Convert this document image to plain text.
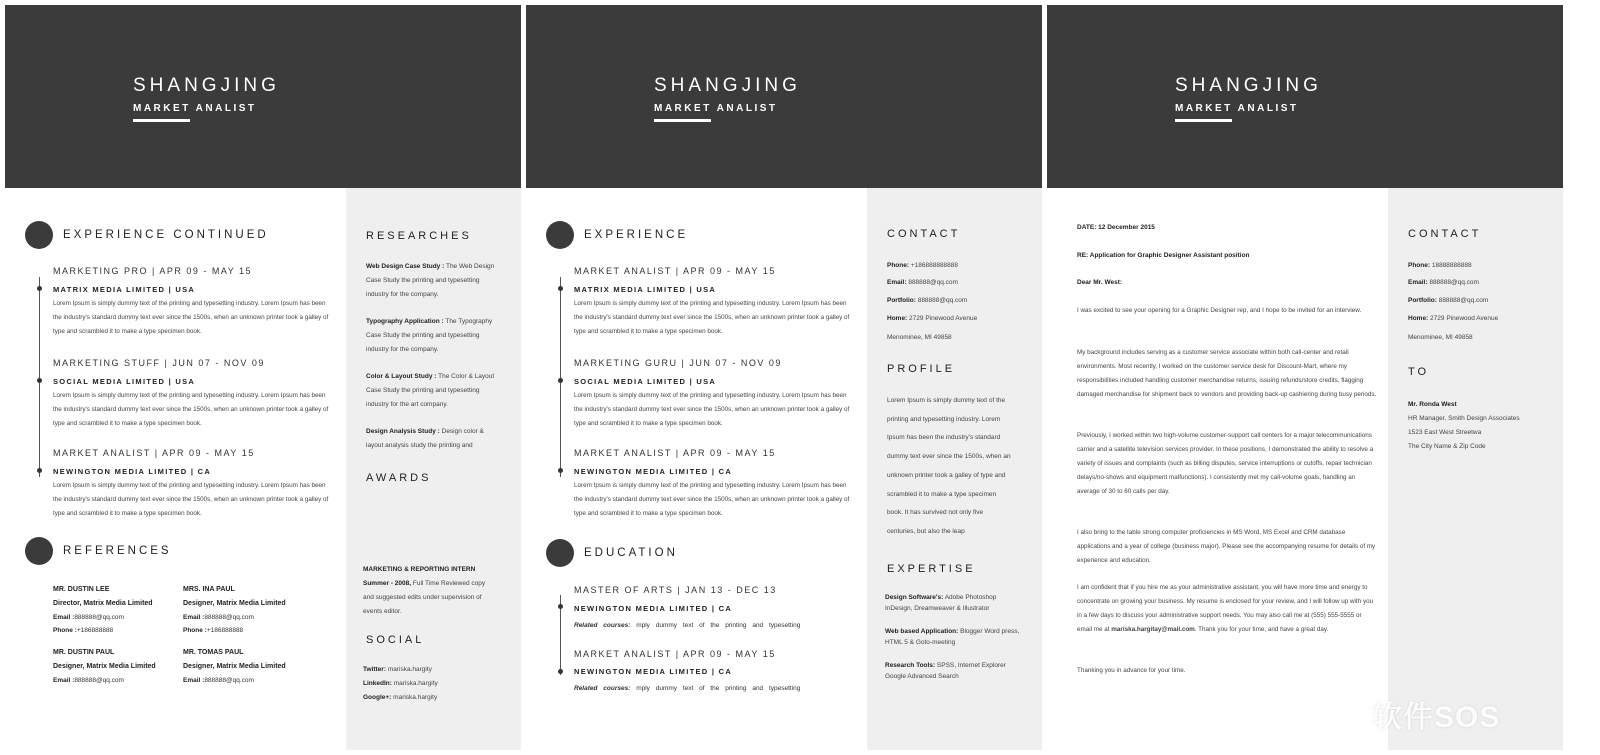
SHANGJING
MARKET ANALIST
EXPERIENCE CONTINUED
MARKETING PRO | APR 09 - MAY 15
MATRIX MEDIA LIMITED | USA
Lorem Ipsum is simply dummy text of the printing and typesetting industry. Lorem Ipsum has been the industry's standard dummy text ever since the 1500s, when an unknown printer took a galley of type and scrambled it to make a type specimen book.
MARKETING STUFF | JUN 07 - NOV 09
SOCIAL MEDIA LIMITED | USA
Lorem Ipsum is simply dummy text of the printing and typesetting industry. Lorem Ipsum has been the industry's standard dummy text ever since the 1500s, when an unknown printer took a galley of type and scrambled it to make a type specimen book.
MARKET ANALIST | APR 09 - MAY 15
NEWINGTON MEDIA LIMITED | CA
Lorem Ipsum is simply dummy text of the printing and typesetting industry. Lorem Ipsum has been the industry's standard dummy text ever since the 1500s, when an unknown printer took a galley of type and scrambled it to make a type specimen book.
REFERENCES
MR. DUSTIN LEE
Director, Matrix Media Limited
Email :888888@qq.com
Phone :+186888888
MRS. INA PAUL
Designer, Matrix Media Limited
Email :888888@qq.com
Phone :+186888888
MR. DUSTIN PAUL
Designer, Matrix Media Limited
Email :888888@qq.com
MR. TOMAS PAUL
Designer, Matrix Media Limited
Email :888888@qq.com
RESEARCHES
Web Design Case Study : The Web Design Case Study the printing and typesetting industry for the company.
Typography Application : The Typography Case Study the printing and typesetting industry for the company.
Color & Layout Study : The Color & Layout Case Study the printing and typesetting industry for the art company.
Design Analysis Study : Design color & layout analysis study the printing and
AWARDS
MARKETING & REPORTING INTERN Summer - 2008, Full Time Reviewed copy and suggested edits under supervision of events editor.
SOCIAL
Twitter: mariska.hargity
LinkedIn: mariska.hargity
Google+: mariska.hargity
SHANGJING
MARKET ANALIST
EXPERIENCE
MARKET ANALIST | APR 09 - MAY 15
MATRIX MEDIA LIMITED | USA
Lorem Ipsum is simply dummy text of the printing and typesetting industry. Lorem Ipsum has been the industry's standard dummy text ever since the 1500s, when an unknown printer took a galley of type and scrambled it to make a type specimen book.
MARKETING GURU | JUN 07 - NOV 09
SOCIAL MEDIA LIMITED | USA
Lorem Ipsum is simply dummy text of the printing and typesetting industry. Lorem Ipsum has been the industry's standard dummy text ever since the 1500s, when an unknown printer took a galley of type and scrambled it to make a type specimen book.
MARKET ANALIST | APR 09 - MAY 15
NEWINGTON MEDIA LIMITED | CA
Lorem Ipsum is simply dummy text of the printing and typesetting industry. Lorem Ipsum has been the industry's standard dummy text ever since the 1500s, when an unknown printer took a galley of type and scrambled it to make a type specimen book.
EDUCATION
MASTER OF ARTS | JAN 13 - DEC 13
NEWINGTON MEDIA LIMITED | CA
Related courses: mply dummy text of the printing and typesetting
MARKET ANALIST | APR 09 - MAY 15
NEWINGTON MEDIA LIMITED | CA
Related courses: mply dummy text of the printing and typesetting
CONTACT
Phone: +186888888888
Email: 888888@qq.com
Portfolio: 888888@qq.com
Home: 2729 Pinewood Avenue
Menominee, MI 49858
PROFILE
Lorem Ipsum is simply dummy text of the printing and typesetting industry. Lorem Ipsum has been the industry's standard dummy text ever since the 1500s, when an unknown printer took a galley of type and scrambled it to make a type specimen book. It has survived not only five centuries, but also the leap
EXPERTISE
Design Software's: Adobe Photoshop InDesign, Dreamweaver & Illustrator
Web based Application: Blogger Word press, HTML 5 & Goto-meeting
Research Tools: SPSS, Internet Explorer Google Advanced Search
SHANGJING
MARKET ANALIST
DATE: 12 December 2015
RE: Application for Graphic Designer Assistant position
Dear Mr. West:
I was excited to see your opening for a Graphic Designer rep, and I hope to be invited for an interview.
My background includes serving as a customer service associate within both call-center and retail environments. Most recently, I worked on the customer service desk for Discount-Mart, where my responsibilities included handling customer merchandise returns, issuing refunds/store credits, flagging damaged merchandise for shipment back to vendors and providing back-up cashiering during busy periods.
Previously, I worked within two high-volume customer-support call centers for a major telecommunications carrier and a satellite television services provider. In these positions, I demonstrated the ability to resolve a variety of issues and complaints (such as billing disputes, service interruptions or cutoffs, repair technician delays/no-shows and equipment malfunctions). I consistently met my call-volume goals, handling an average of 30 to 60 calls per day.
I also bring to the table strong computer proficiencies in MS Word, MS Excel and CRM database applications and a year of college (business major). Please see the accompanying resume for details of my experience and education.
I am confident that if you hire me as your administrative assistant, you will have more time and energy to concentrate on growing your business. My resume is enclosed for your review, and I will follow up with you in a few days to discuss your administrative support needs. You may also call me at (555) 555-5555 or email me at mariska.hargitay@mail.com. Thank you for your time, and have a great day.
Thanking you in advance for your time.
CONTACT
Phone: 18888888888
Email: 888888@qq.com
Portfolio: 888888@qq.com
Home: 2729 Pinewood Avenue
Menominee, MI 49858
TO
Mr. Ronda West
HR Manager, Smith Design Associates
1523 East West Streetwa
The City Name & Zip Code
软件SOS
